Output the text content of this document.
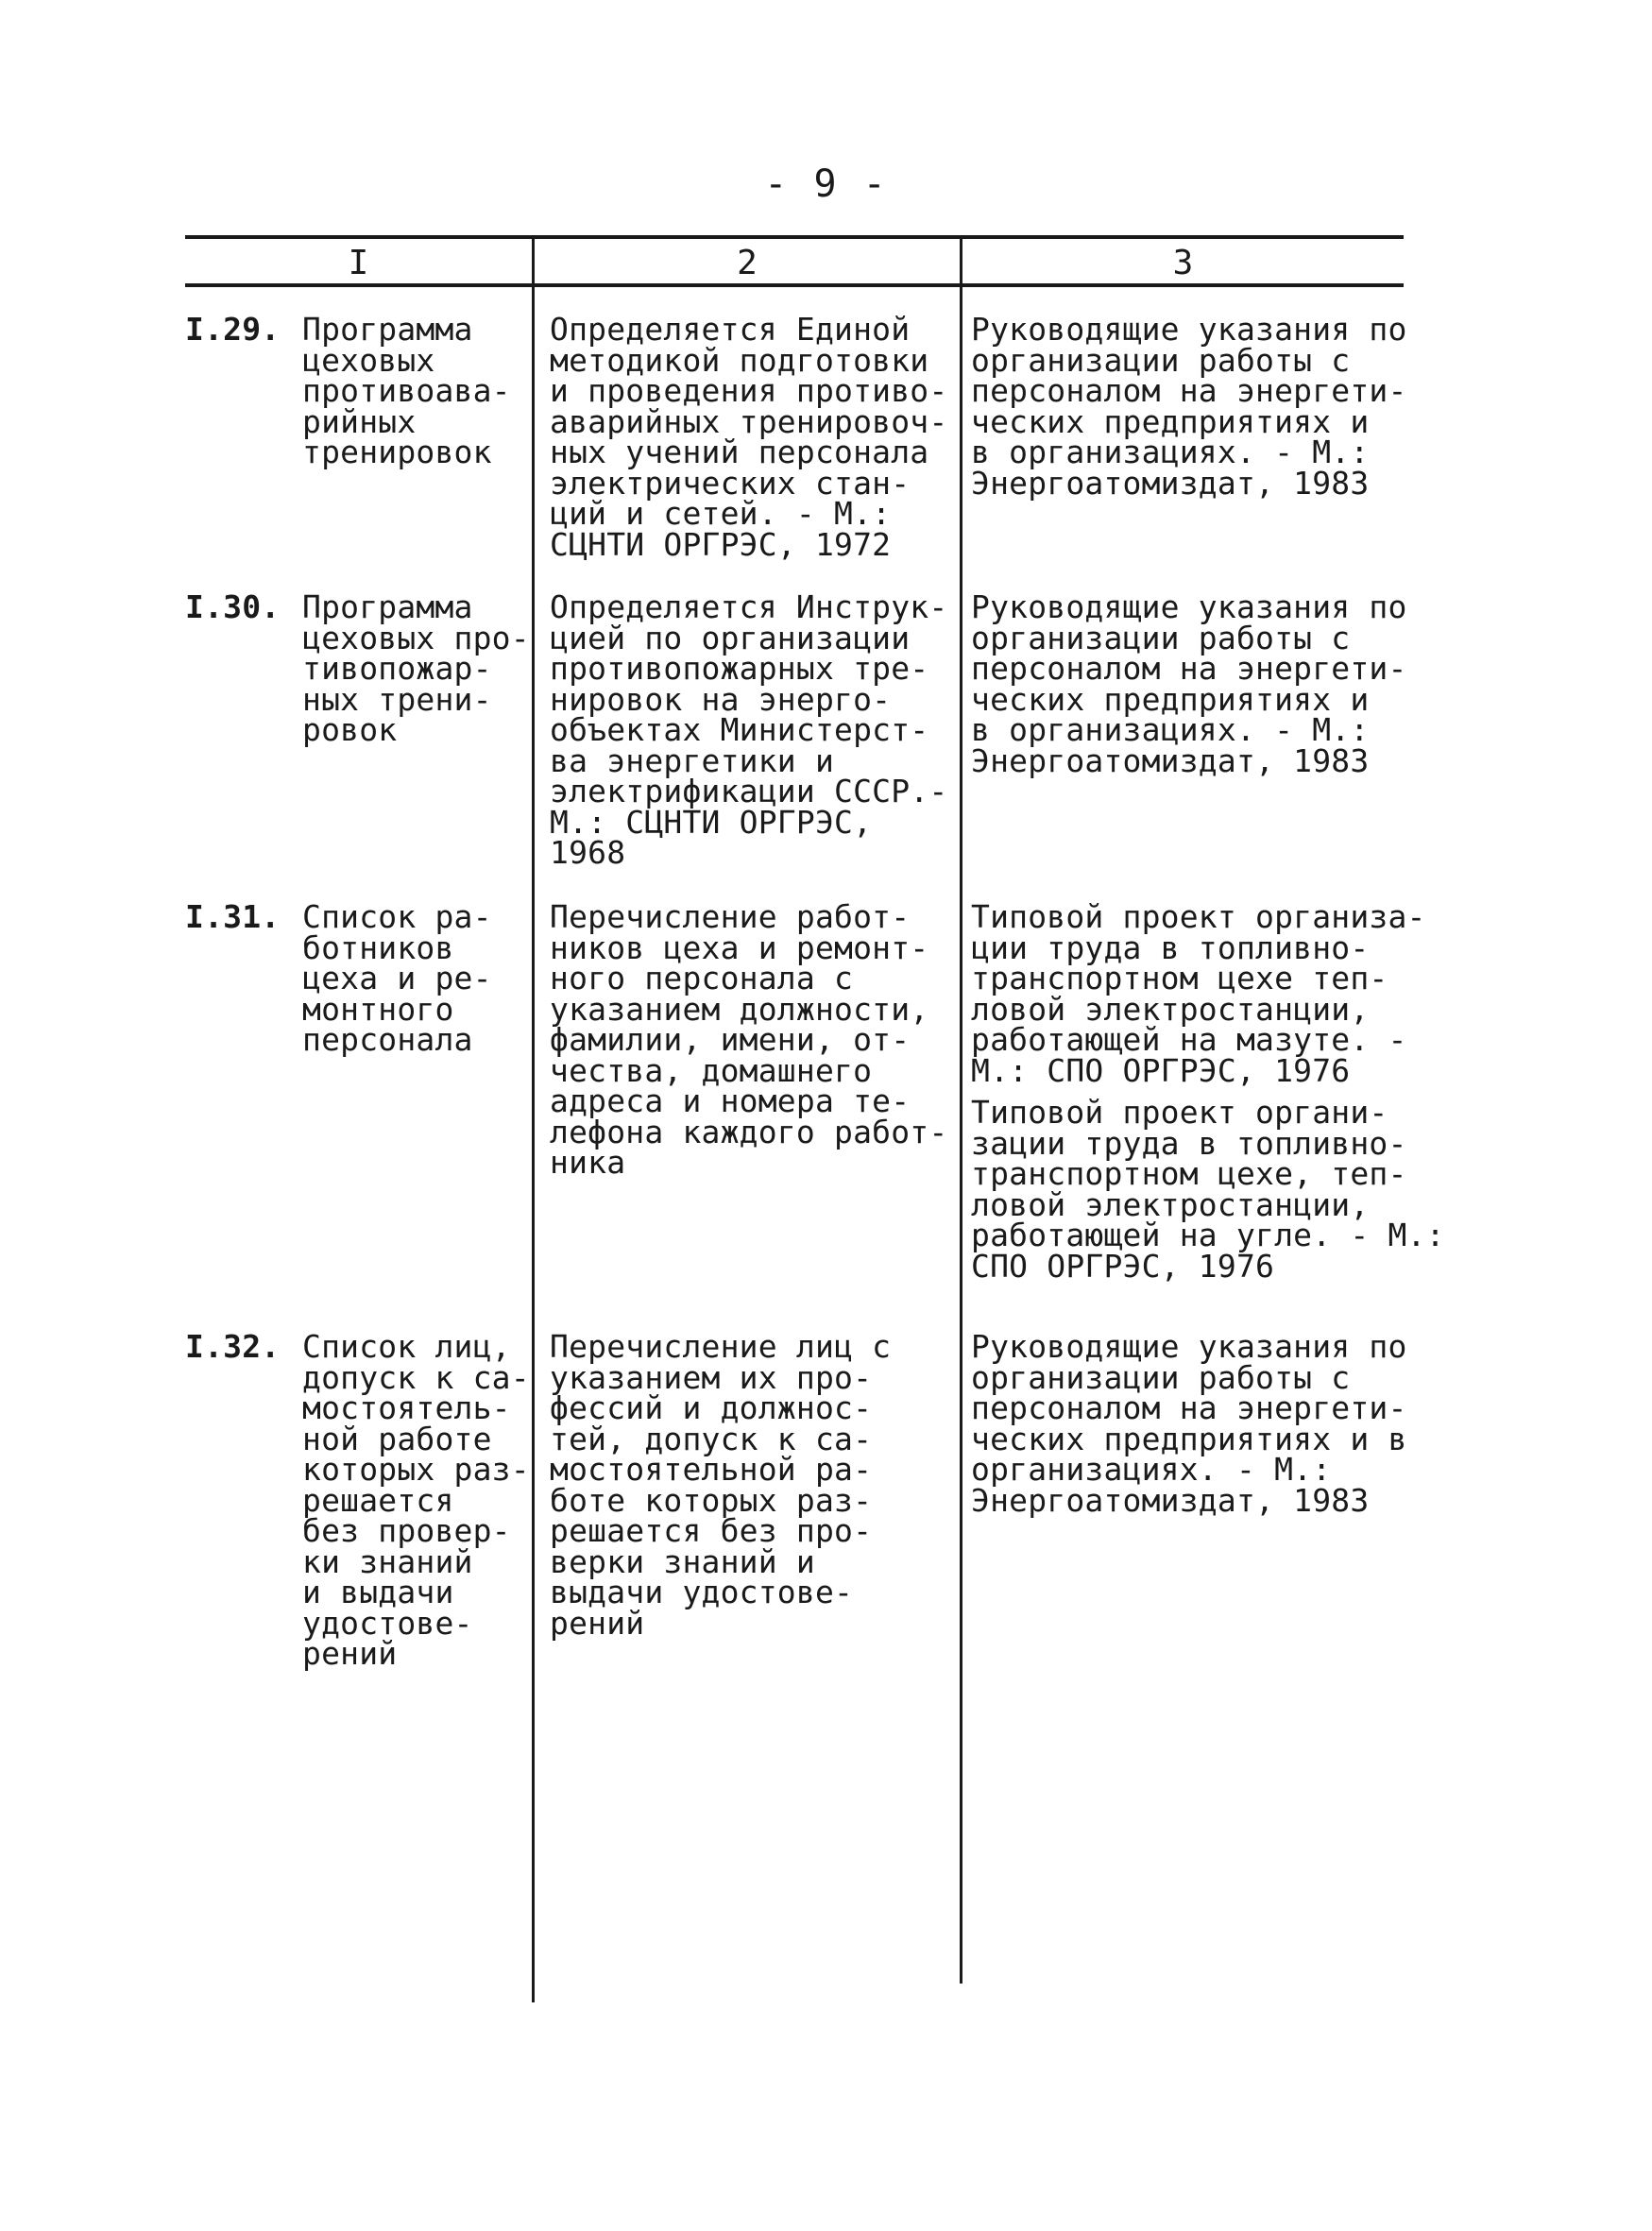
- 9 -
I	2	3
I.29. Программа
цеховых
противоава-
рийных
тренировок
Определяется Единой
методикой подготовки
и проведения противо-
аварийных тренировоч-
ных учений персонала
электрических стан-
ций и сетей. - М.:
СЦНТИ ОРГРЭС, 1972
Руководящие указания по
организации работы с
персоналом на энергети-
ческих предприятиях и
в организациях. - М.:
Энергоатомиздат, 1983
I.30. Программа
цеховых про-
тивопожар-
ных трени-
ровок
Определяется Инструк-
цией по организации
противопожарных тре-
нировок на энерго-
объектах Министерст-
ва энергетики и
электрификации СССР.-
М.: СЦНТИ ОРГРЭС,
1968
Руководящие указания по
организации работы с
персоналом на энергети-
ческих предприятиях и
в организациях. - М.:
Энергоатомиздат, 1983
I.31. Список ра-
ботников
цеха и ре-
монтного
персонала
Перечисление работ-
ников цеха и ремонт-
ного персонала с
указанием должности,
фамилии, имени, от-
чества, домашнего
адреса и номера те-
лефона каждого работ-
ника
Типовой проект организа-
ции труда в топливно-
транспортном цехе теп-
ловой электростанции,
работающей на мазуте. -
М.: СПО ОРГРЭС, 1976
Типовой проект органи-
зации труда в топливно-
транспортном цехе, теп-
ловой электростанции,
работающей на угле. - М.:
СПО ОРГРЭС, 1976
I.32. Список лиц,
допуск к са-
мостоятель-
ной работе
которых раз-
решается
без провер-
ки знаний
и выдачи
удостове-
рений
Перечисление лиц с
указанием их про-
фессий и должнос-
тей, допуск к са-
мостоятельной ра-
боте которых раз-
решается без про-
верки знаний и
выдачи удостове-
рений
Руководящие указания по
организации работы с
персоналом на энергети-
ческих предприятиях и в
организациях. - М.:
Энергоатомиздат, 1983
